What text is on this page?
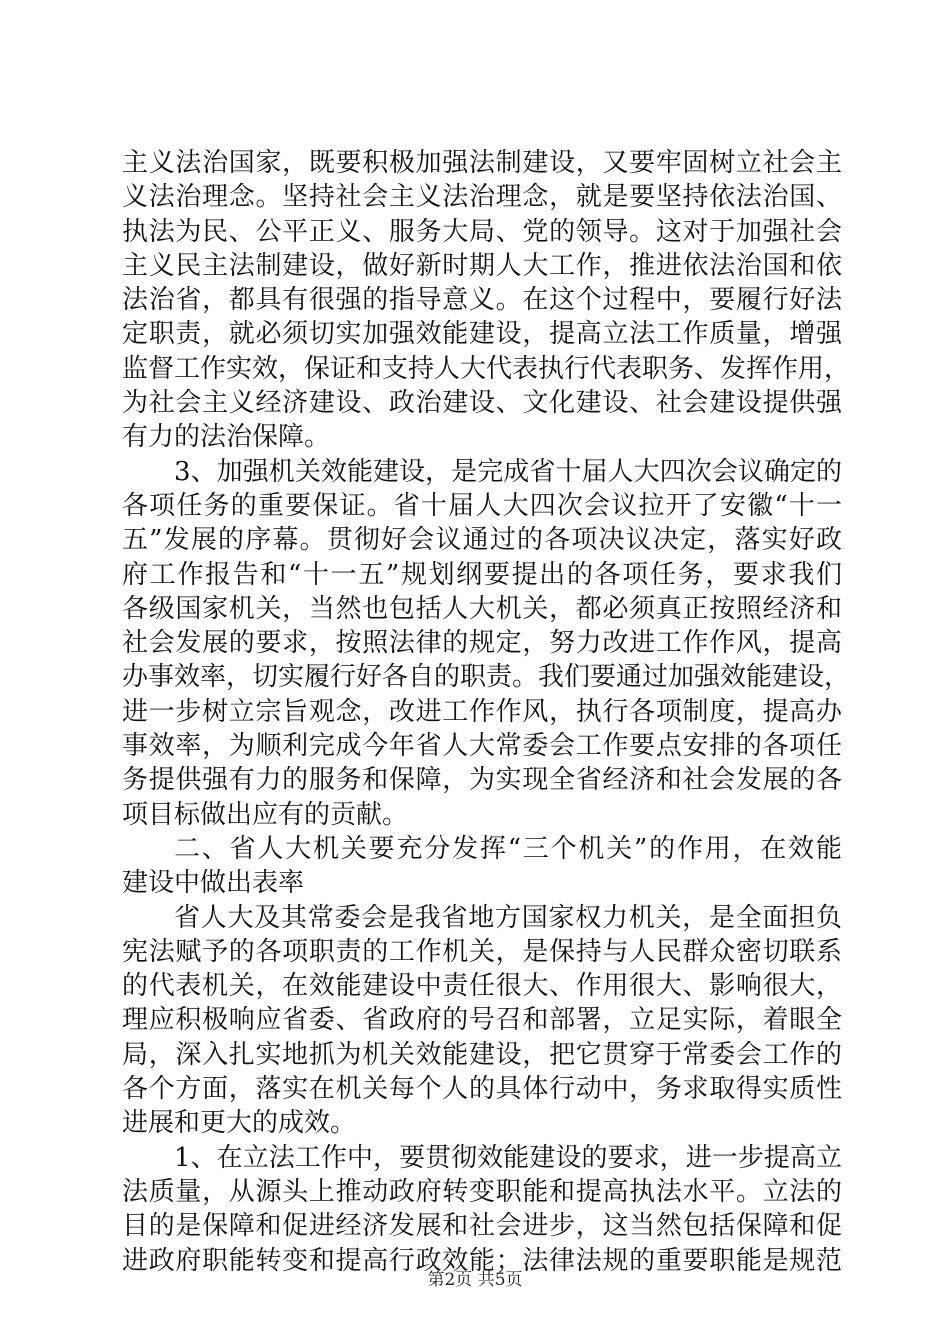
主义法治国家，既要积极加强法制建设，又要牢固树立社会主
义法治理念。坚持社会主义法治理念，就是要坚持依法治国、
执法为民、公平正义、服务大局、党的领导。这对于加强社会
主义民主法制建设，做好新时期人大工作，推进依法治国和依
法治省，都具有很强的指导意义。在这个过程中，要履行好法
定职责，就必须切实加强效能建设，提高立法工作质量，增强
监督工作实效，保证和支持人大代表执行代表职务、发挥作用，
为社会主义经济建设、政治建设、文化建设、社会建设提供强
有力的法治保障。
3、加强机关效能建设，是完成省十届人大四次会议确定的
各项任务的重要保证。省十届人大四次会议拉开了安徽“十一
五”发展的序幕。贯彻好会议通过的各项决议决定，落实好政
府工作报告和“十一五”规划纲要提出的各项任务，要求我们
各级国家机关，当然也包括人大机关，都必须真正按照经济和
社会发展的要求，按照法律的规定，努力改进工作作风，提高
办事效率，切实履行好各自的职责。我们要通过加强效能建设，
进一步树立宗旨观念，改进工作作风，执行各项制度，提高办
事效率，为顺利完成今年省人大常委会工作要点安排的各项任
务提供强有力的服务和保障，为实现全省经济和社会发展的各
项目标做出应有的贡献。
二、省人大机关要充分发挥“三个机关”的作用，在效能
建设中做出表率
省人大及其常委会是我省地方国家权力机关，是全面担负
宪法赋予的各项职责的工作机关，是保持与人民群众密切联系
的代表机关，在效能建设中责任很大、作用很大、影响很大，
理应积极响应省委、省政府的号召和部署，立足实际，着眼全
局，深入扎实地抓为机关效能建设，把它贯穿于常委会工作的
各个方面，落实在机关每个人的具体行动中，务求取得实质性
进展和更大的成效。
1、在立法工作中，要贯彻效能建设的要求，进一步提高立
法质量，从源头上推动政府转变职能和提高执法水平。立法的
目的是保障和促进经济发展和社会进步，这当然包括保障和促
进政府职能转变和提高行政效能；法律法规的重要职能是规范
第2页 共5页
